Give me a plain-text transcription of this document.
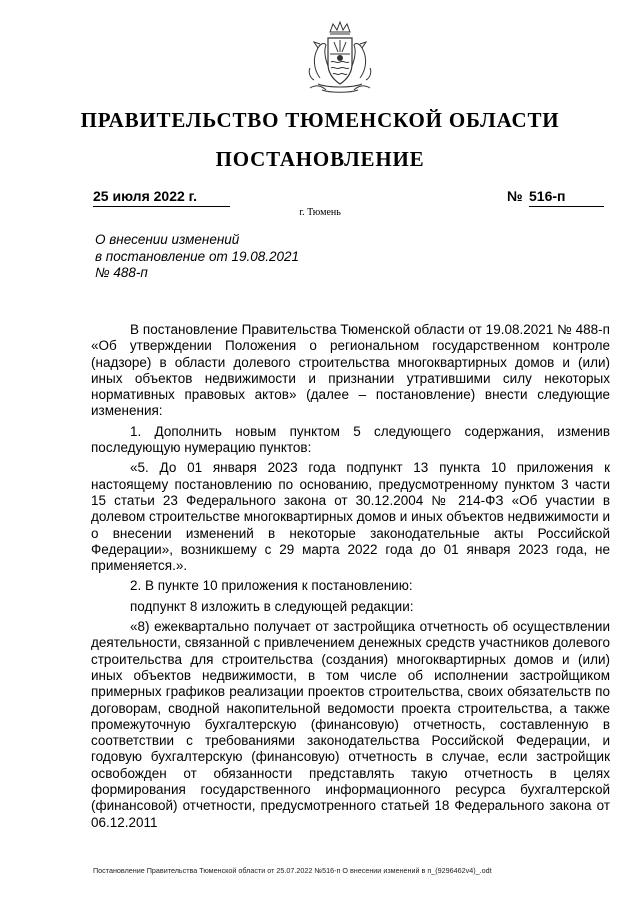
ПРАВИТЕЛЬСТВО ТЮМЕНСКОЙ ОБЛАСТИ
ПОСТАНОВЛЕНИЕ
25 июля 2022 г.	№ 516-п
г. Тюмень
О внесении изменений
в постановление от 19.08.2021
№ 488-п

В постановление Правительства Тюменской области от 19.08.2021 № 488-п «Об утверждении Положения о региональном государственном контроле (надзоре) в области долевого строительства многоквартирных домов и (или) иных объектов недвижимости и признании утратившими силу некоторых нормативных правовых актов» (далее – постановление) внести следующие изменения:

1. Дополнить новым пунктом 5 следующего содержания, изменив последующую нумерацию пунктов:

«5. До 01 января 2023 года подпункт 13 пункта 10 приложения к настоящему постановлению по основанию, предусмотренному пунктом 3 части 15 статьи 23 Федерального закона от 30.12.2004 № 214-ФЗ «Об участии в долевом строительстве многоквартирных домов и иных объектов недвижимости и о внесении изменений в некоторые законодательные акты Российской Федерации», возникшему с 29 марта 2022 года до 01 января 2023 года, не применяется.».

2. В пункте 10 приложения к постановлению:

подпункт 8 изложить в следующей редакции:

«8) ежеквартально получает от застройщика отчетность об осуществлении деятельности, связанной с привлечением денежных средств участников долевого строительства для строительства (создания) многоквартирных домов и (или) иных объектов недвижимости, в том числе об исполнении застройщиком примерных графиков реализации проектов строительства, своих обязательств по договорам, сводной накопительной ведомости проекта строительства, а также промежуточную бухгалтерскую (финансовую) отчетность, составленную в соответствии с требованиями законодательства Российской Федерации, и годовую бухгалтерскую (финансовую) отчетность в случае, если застройщик освобожден от обязанности представлять такую отчетность в целях формирования государственного информационного ресурса бухгалтерской (финансовой) отчетности, предусмотренного статьей 18 Федерального закона от 06.12.2011

Постановление Правительства Тюменской области от 25.07.2022 №516-п О внесении изменений в п_(9296462v4)_.odt
